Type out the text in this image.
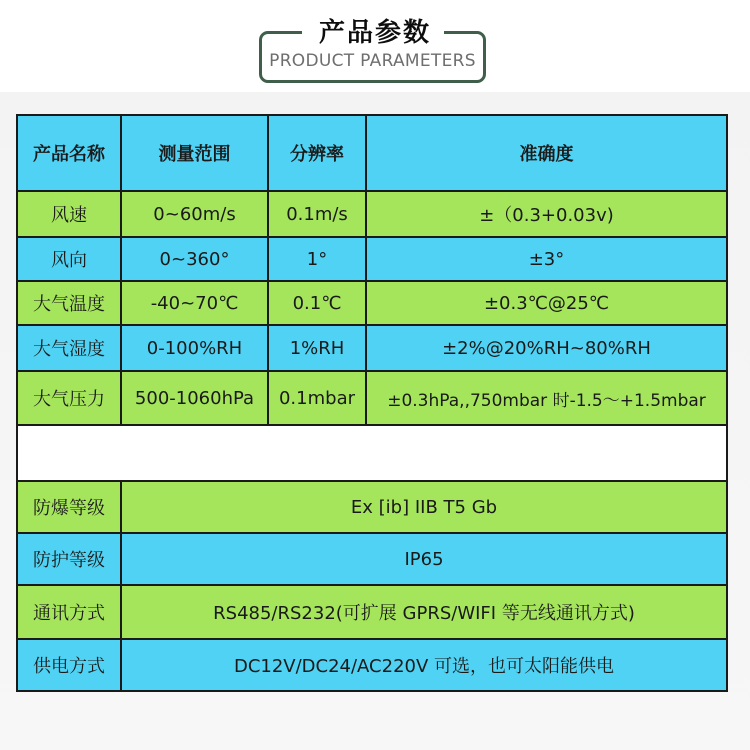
产品参数
PRODUCT PARAMETERS
产品名称	测量范围	分辨率	准确度
风速	0~60m/s	0.1m/s	±（0.3+0.03v)
风向	0~360°	1°	±3°
大气温度	-40~70℃	0.1℃	±0.3℃@25℃
大气湿度	0-100%RH	1%RH	±2%@20%RH~80%RH
大气压力	500-1060hPa	0.1mbar	±0.3hPa,,750mbar 时-1.5～+1.5mbar
防爆等级	Ex [ib] IIB T5 Gb
防护等级	IP65
通讯方式	RS485/RS232(可扩展 GPRS/WIFI 等无线通讯方式)
供电方式	DC12V/DC24/AC220V 可选，也可太阳能供电
